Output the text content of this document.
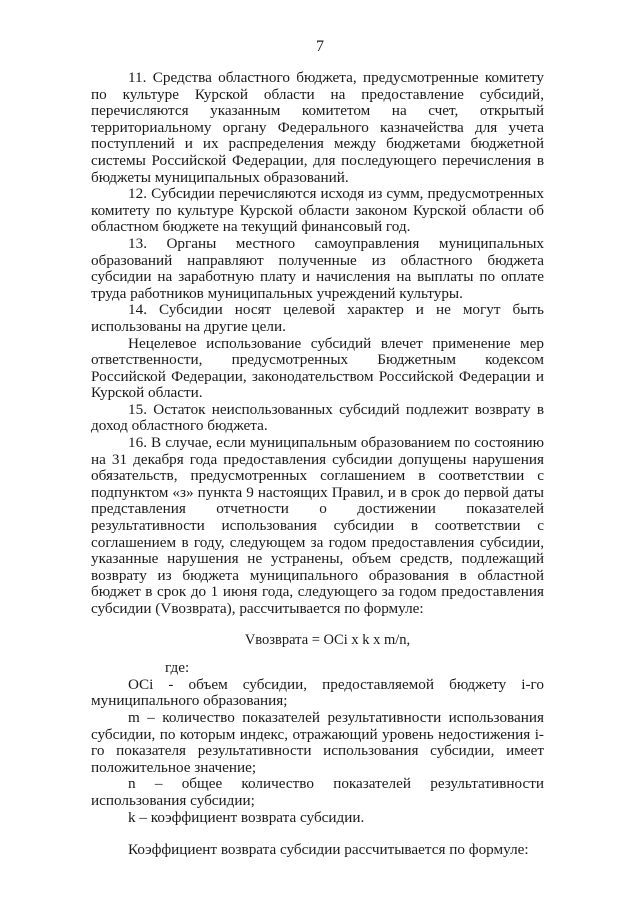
7

11. Средства областного бюджета, предусмотренные комитету по культуре Курской области на предоставление субсидий, перечисляются указанным комитетом на счет, открытый территориальному органу Федерального казначейства для учета поступлений и их распределения между бюджетами бюджетной системы Российской Федерации, для последующего перечисления в бюджеты муниципальных образований.

12. Субсидии перечисляются исходя из сумм, предусмотренных комитету по культуре Курской области законом Курской области об областном бюджете на текущий финансовый год.

13. Органы местного самоуправления муниципальных образований направляют полученные из областного бюджета субсидии на заработную плату и начисления на выплаты по оплате труда работников муниципальных учреждений культуры.

14. Субсидии носят целевой характер и не могут быть использованы на другие цели.

Нецелевое использование субсидий влечет применение мер ответственности, предусмотренных Бюджетным кодексом Российской Федерации, законодательством Российской Федерации и Курской области.

15. Остаток неиспользованных субсидий подлежит возврату в доход областного бюджета.

16. В случае, если муниципальным образованием по состоянию на 31 декабря года предоставления субсидии допущены нарушения обязательств, предусмотренных соглашением в соответствии с подпунктом «з» пункта 9 настоящих Правил, и в срок до первой даты представления отчетности о достижении показателей результативности использования субсидии в соответствии с соглашением в году, следующем за годом предоставления субсидии, указанные нарушения не устранены, объем средств, подлежащий возврату из бюджета муниципального образования в областной бюджет в срок до 1 июня года, следующего за годом предоставления субсидии (Vвозврата), рассчитывается по формуле:

Vвозврата = OCi x k x m/n,

где:

OCi - объем субсидии, предоставляемой бюджету i-го муниципального образования;

m – количество показателей результативности использования субсидии, по которым индекс, отражающий уровень недостижения i-го показателя результативности использования субсидии, имеет положительное значение;

n – общее количество показателей результативности использования субсидии;

k – коэффициент возврата субсидии.

Коэффициент возврата субсидии рассчитывается по формуле:
